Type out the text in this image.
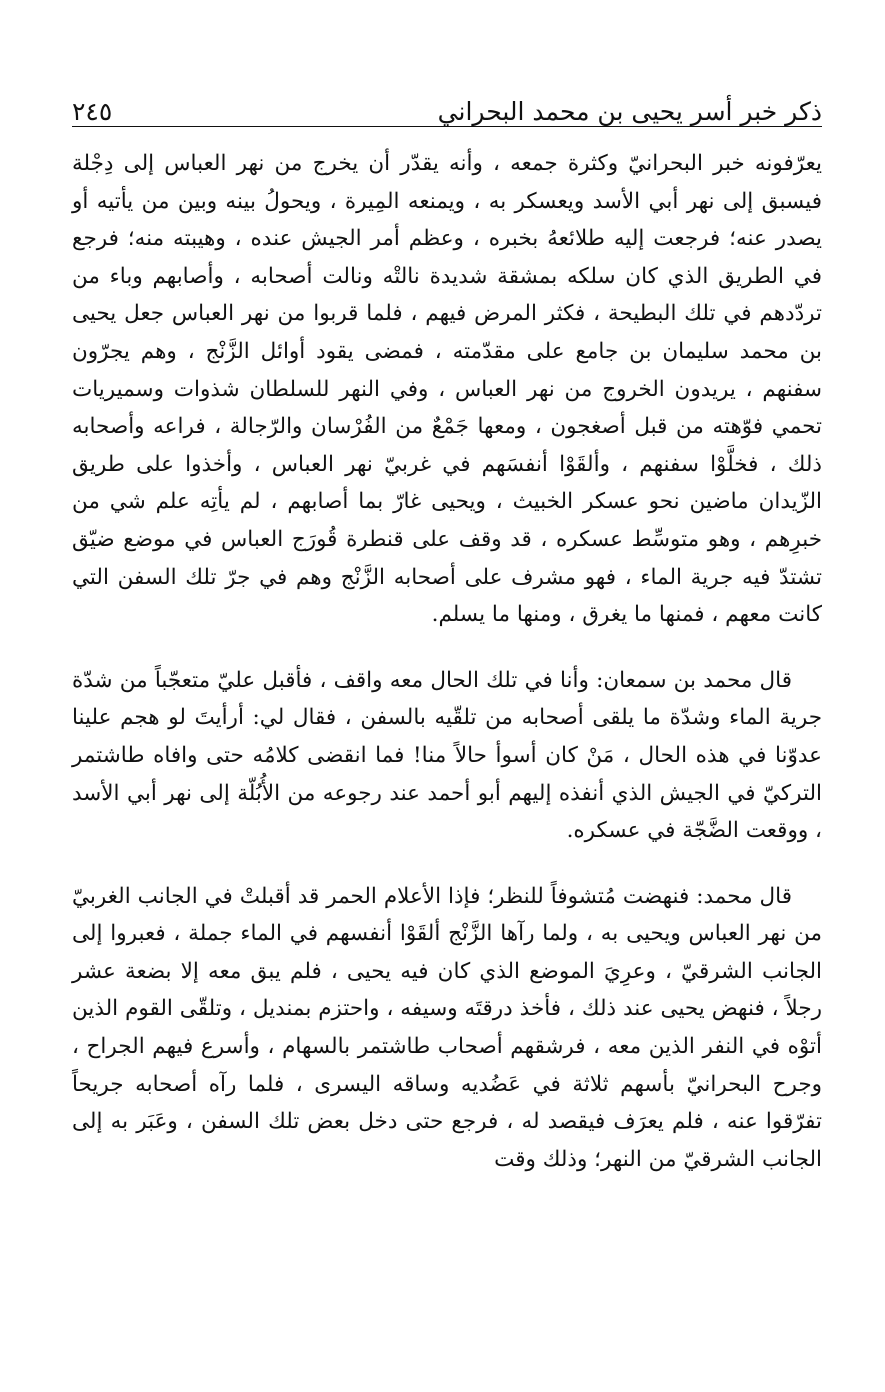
ذكر خبر أسر يحيى بن محمد البحراني
٢٤٥

يعرّفونه خبر البحرانيّ وكثرة جمعه ، وأنه يقدّر أن يخرج من نهر العباس إلى دِجْلة فيسبق إلى نهر أبي الأسد ويعسكر به ، ويمنعه المِيرة ، ويحولُ بينه وبين من يأتيه أو يصدر عنه؛ فرجعت إليه طلائعهُ بخبره ، وعظم أمر الجيش عنده ، وهيبته منه؛ فرجع في الطريق الذي كان سلكه بمشقة شديدة نالتْه ونالت أصحابه ، وأصابهم وباء من تردّدهم في تلك البطيحة ، فكثر المرض فيهم ، فلما قربوا من نهر العباس جعل يحيى بن محمد سليمان بن جامع على مقدّمته ، فمضى يقود أوائل الزَّنْج ، وهم يجرّون سفنهم ، يريدون الخروج من نهر العباس ، وفي النهر للسلطان شذوات وسميريات تحمي فوّهته من قبل أصغجون ، ومعها جَمْعٌ من الفُرْسان والرّجالة ، فراعه وأصحابه ذلك ، فخلَّوْا سفنهم ، وألقَوْا أنفسَهم في غربيّ نهر العباس ، وأخذوا على طريق الزّيدان ماضين نحو عسكر الخبيث ، ويحيى غارّ بما أصابهم ، لم يأتِه علم شي من خبرِهم ، وهو متوسِّط عسكره ، قد وقف على قنطرة قُورَج العباس في موضع ضيّق تشتدّ فيه جرية الماء ، فهو مشرف على أصحابه الزَّنْج وهم في جرّ تلك السفن التي كانت معهم ، فمنها ما يغرق ، ومنها ما يسلم.

قال محمد بن سمعان: وأنا في تلك الحال معه واقف ، فأقبل عليّ متعجّباً من شدّة جرية الماء وشدّة ما يلقى أصحابه من تلقّيه بالسفن ، فقال لي: أرأيتَ لو هجم علينا عدوّنا في هذه الحال ، مَنْ كان أسوأ حالاً منا! فما انقضى كلامُه حتى وافاه طاشتمر التركيّ في الجيش الذي أنفذه إليهم أبو أحمد عند رجوعه من الأُبُلّة إلى نهر أبي الأسد ، ووقعت الضَّجّة في عسكره.

قال محمد: فنهضت مُتشوفاً للنظر؛ فإذا الأعلام الحمر قد أقبلتْ في الجانب الغربيّ من نهر العباس ويحيى به ، ولما رآها الزَّنْج ألقَوْا أنفسهم في الماء جملة ، فعبروا إلى الجانب الشرقيّ ، وعرِيَ الموضع الذي كان فيه يحيى ، فلم يبق معه إلا بضعة عشر رجلاً ، فنهض يحيى عند ذلك ، فأخذ درقتَه وسيفه ، واحتزم بمنديل ، وتلقّى القوم الذين أتوْه في النفر الذين معه ، فرشقهم أصحاب طاشتمر بالسهام ، وأسرع فيهم الجراح ، وجرح البحرانيّ بأسهم ثلاثة في عَضُديه وساقه اليسرى ، فلما رآه أصحابه جريحاً تفرّقوا عنه ، فلم يعرَف فيقصد له ، فرجع حتى دخل بعض تلك السفن ، وعَبَر به إلى الجانب الشرقيّ من النهر؛ وذلك وقت
